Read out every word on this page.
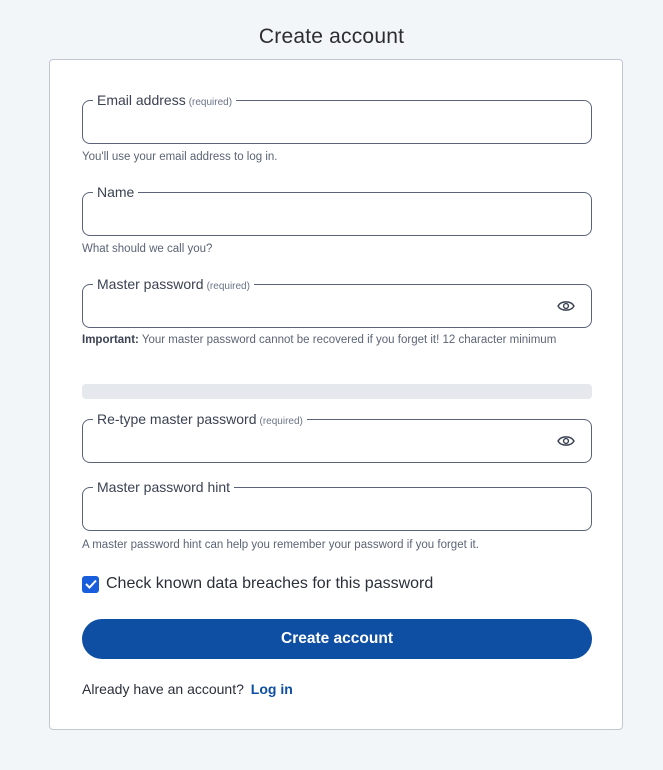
Create account
Email address (required)
You'll use your email address to log in.
Name
What should we call you?
Master password (required)
Important: Your master password cannot be recovered if you forget it! 12 character minimum
Re-type master password (required)
Master password hint
A master password hint can help you remember your password if you forget it.
Check known data breaches for this password
Create account
Already have an account? Log in
